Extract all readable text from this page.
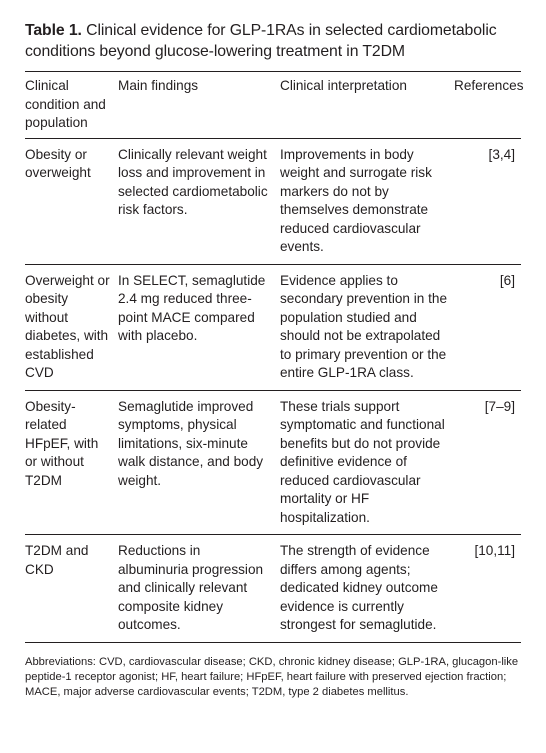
Table 1. Clinical evidence for GLP-1RAs in selected cardiometabolic conditions beyond glucose-lowering treatment in T2DM

Clinical condition and population	Main findings	Clinical interpretation	References
Obesity or overweight	Clinically relevant weight loss and improvement in selected cardiometabolic risk factors.	Improvements in body weight and surrogate risk markers do not by themselves demonstrate reduced cardiovascular events.	[3,4]
Overweight or obesity without diabetes, with established CVD	In SELECT, semaglutide 2.4 mg reduced three-point MACE compared with placebo.	Evidence applies to secondary prevention in the population studied and should not be extrapolated to primary prevention or the entire GLP-1RA class.	[6]
Obesity-related HFpEF, with or without T2DM	Semaglutide improved symptoms, physical limitations, six-minute walk distance, and body weight.	These trials support symptomatic and functional benefits but do not provide definitive evidence of reduced cardiovascular mortality or HF hospitalization.	[7–9]
T2DM and CKD	Reductions in albuminuria progression and clinically relevant composite kidney outcomes.	The strength of evidence differs among agents; dedicated kidney outcome evidence is currently strongest for semaglutide.	[10,11]

Abbreviations: CVD, cardiovascular disease; CKD, chronic kidney disease; GLP-1RA, glucagon-like peptide-1 receptor agonist; HF, heart failure; HFpEF, heart failure with preserved ejection fraction; MACE, major adverse cardiovascular events; T2DM, type 2 diabetes mellitus.
